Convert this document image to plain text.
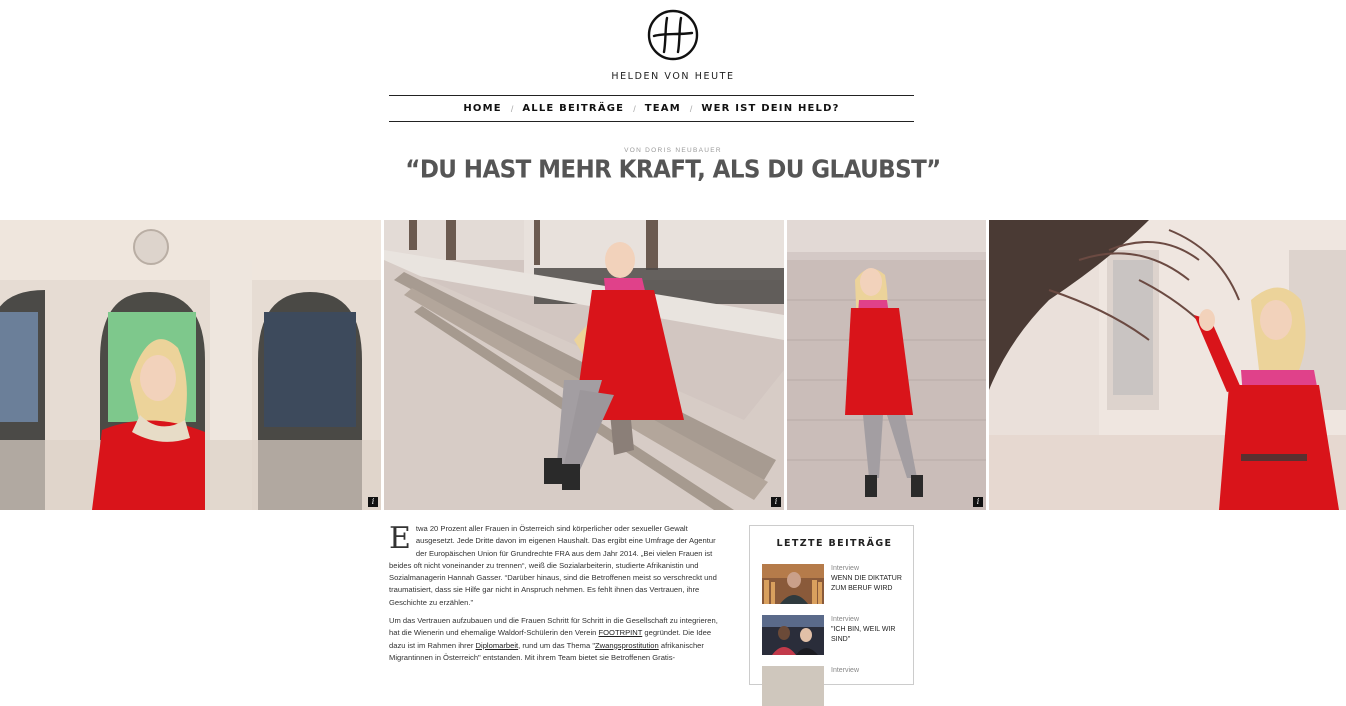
HELDEN VON HEUTE
HOME	/ ALLE BEITRÄGE	/ TEAM	/ WER IST DEIN HELD?
VON DORIS NEUBAUER
“DU HAST MEHR KRAFT, ALS DU GLAUBST”
i	i	i
E twa 20 Prozent aller Frauen in Österreich sind körperlicher oder sexueller Gewalt ausgesetzt. Jede Dritte davon im eigenen Haushalt. Das ergibt eine Umfrage der Agentur der Europäischen Union für Grundrechte FRA aus dem Jahr 2014. „Bei vielen Frauen ist beides oft nicht voneinander zu trennen“, weiß die Sozialarbeiterin, studierte Afrikanistin und Sozialmanagerin Hannah Gasser. “Darüber hinaus, sind die Betroffenen meist so verschreckt und traumatisiert, dass sie Hilfe gar nicht in Anspruch nehmen. Es fehlt ihnen das Vertrauen, ihre Geschichte zu erzählen.”

Um das Vertrauen aufzubauen und die Frauen Schritt für Schritt in die Gesellschaft zu integrieren, hat die Wienerin und ehemalige Waldorf-Schülerin den Verein FOOTRPINT gegründet. Die Idee dazu ist im Rahmen ihrer Diplomarbeit, rund um das Thema "Zwangsprostitution afrikanischer Migrantinnen in Österreich" entstanden. Mit ihrem Team bietet sie Betroffenen Gratis-

LETZTE BEITRÄGE
Interview
WENN DIE DIKTATUR ZUM BERUF WIRD
Interview
"ICH BIN, WEIL WIR SIND"
Interview
